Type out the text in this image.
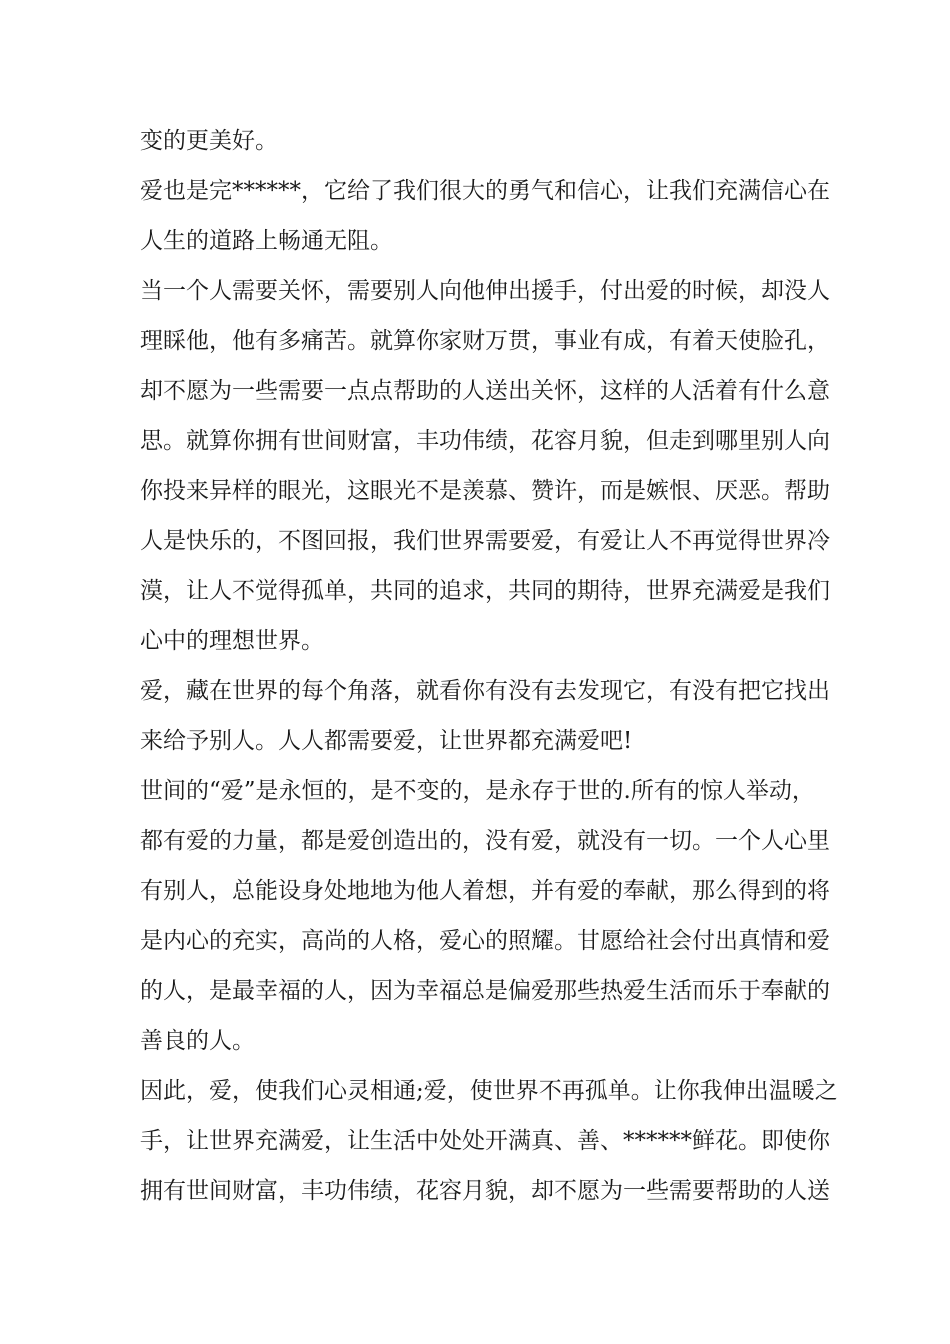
变的更美好。

爱也是完******，它给了我们很大的勇气和信心，让我们充满信心在
人生的道路上畅通无阻。

当一个人需要关怀，需要别人向他伸出援手，付出爱的时候，却没人
理睬他，他有多痛苦。就算你家财万贯，事业有成，有着天使脸孔，
却不愿为一些需要一点点帮助的人送出关怀，这样的人活着有什么意
思。就算你拥有世间财富，丰功伟绩，花容月貌，但走到哪里别人向
你投来异样的眼光，这眼光不是羡慕、赞许，而是嫉恨、厌恶。帮助
人是快乐的，不图回报，我们世界需要爱，有爱让人不再觉得世界冷
漠，让人不觉得孤单，共同的追求，共同的期待，世界充满爱是我们
心中的理想世界。

爱，藏在世界的每个角落，就看你有没有去发现它，有没有把它找出
来给予别人。人人都需要爱，让世界都充满爱吧!

世间的“爱”是永恒的，是不变的，是永存于世的.所有的惊人举动，
都有爱的力量，都是爱创造出的，没有爱，就没有一切。一个人心里
有别人，总能设身处地地为他人着想，并有爱的奉献，那么得到的将
是内心的充实，高尚的人格，爱心的照耀。甘愿给社会付出真情和爱
的人，是最幸福的人，因为幸福总是偏爱那些热爱生活而乐于奉献的
善良的人。

因此，爱，使我们心灵相通;爱，使世界不再孤单。让你我伸出温暖之
手，让世界充满爱，让生活中处处开满真、善、******鲜花。即使你
拥有世间财富，丰功伟绩，花容月貌，却不愿为一些需要帮助的人送
